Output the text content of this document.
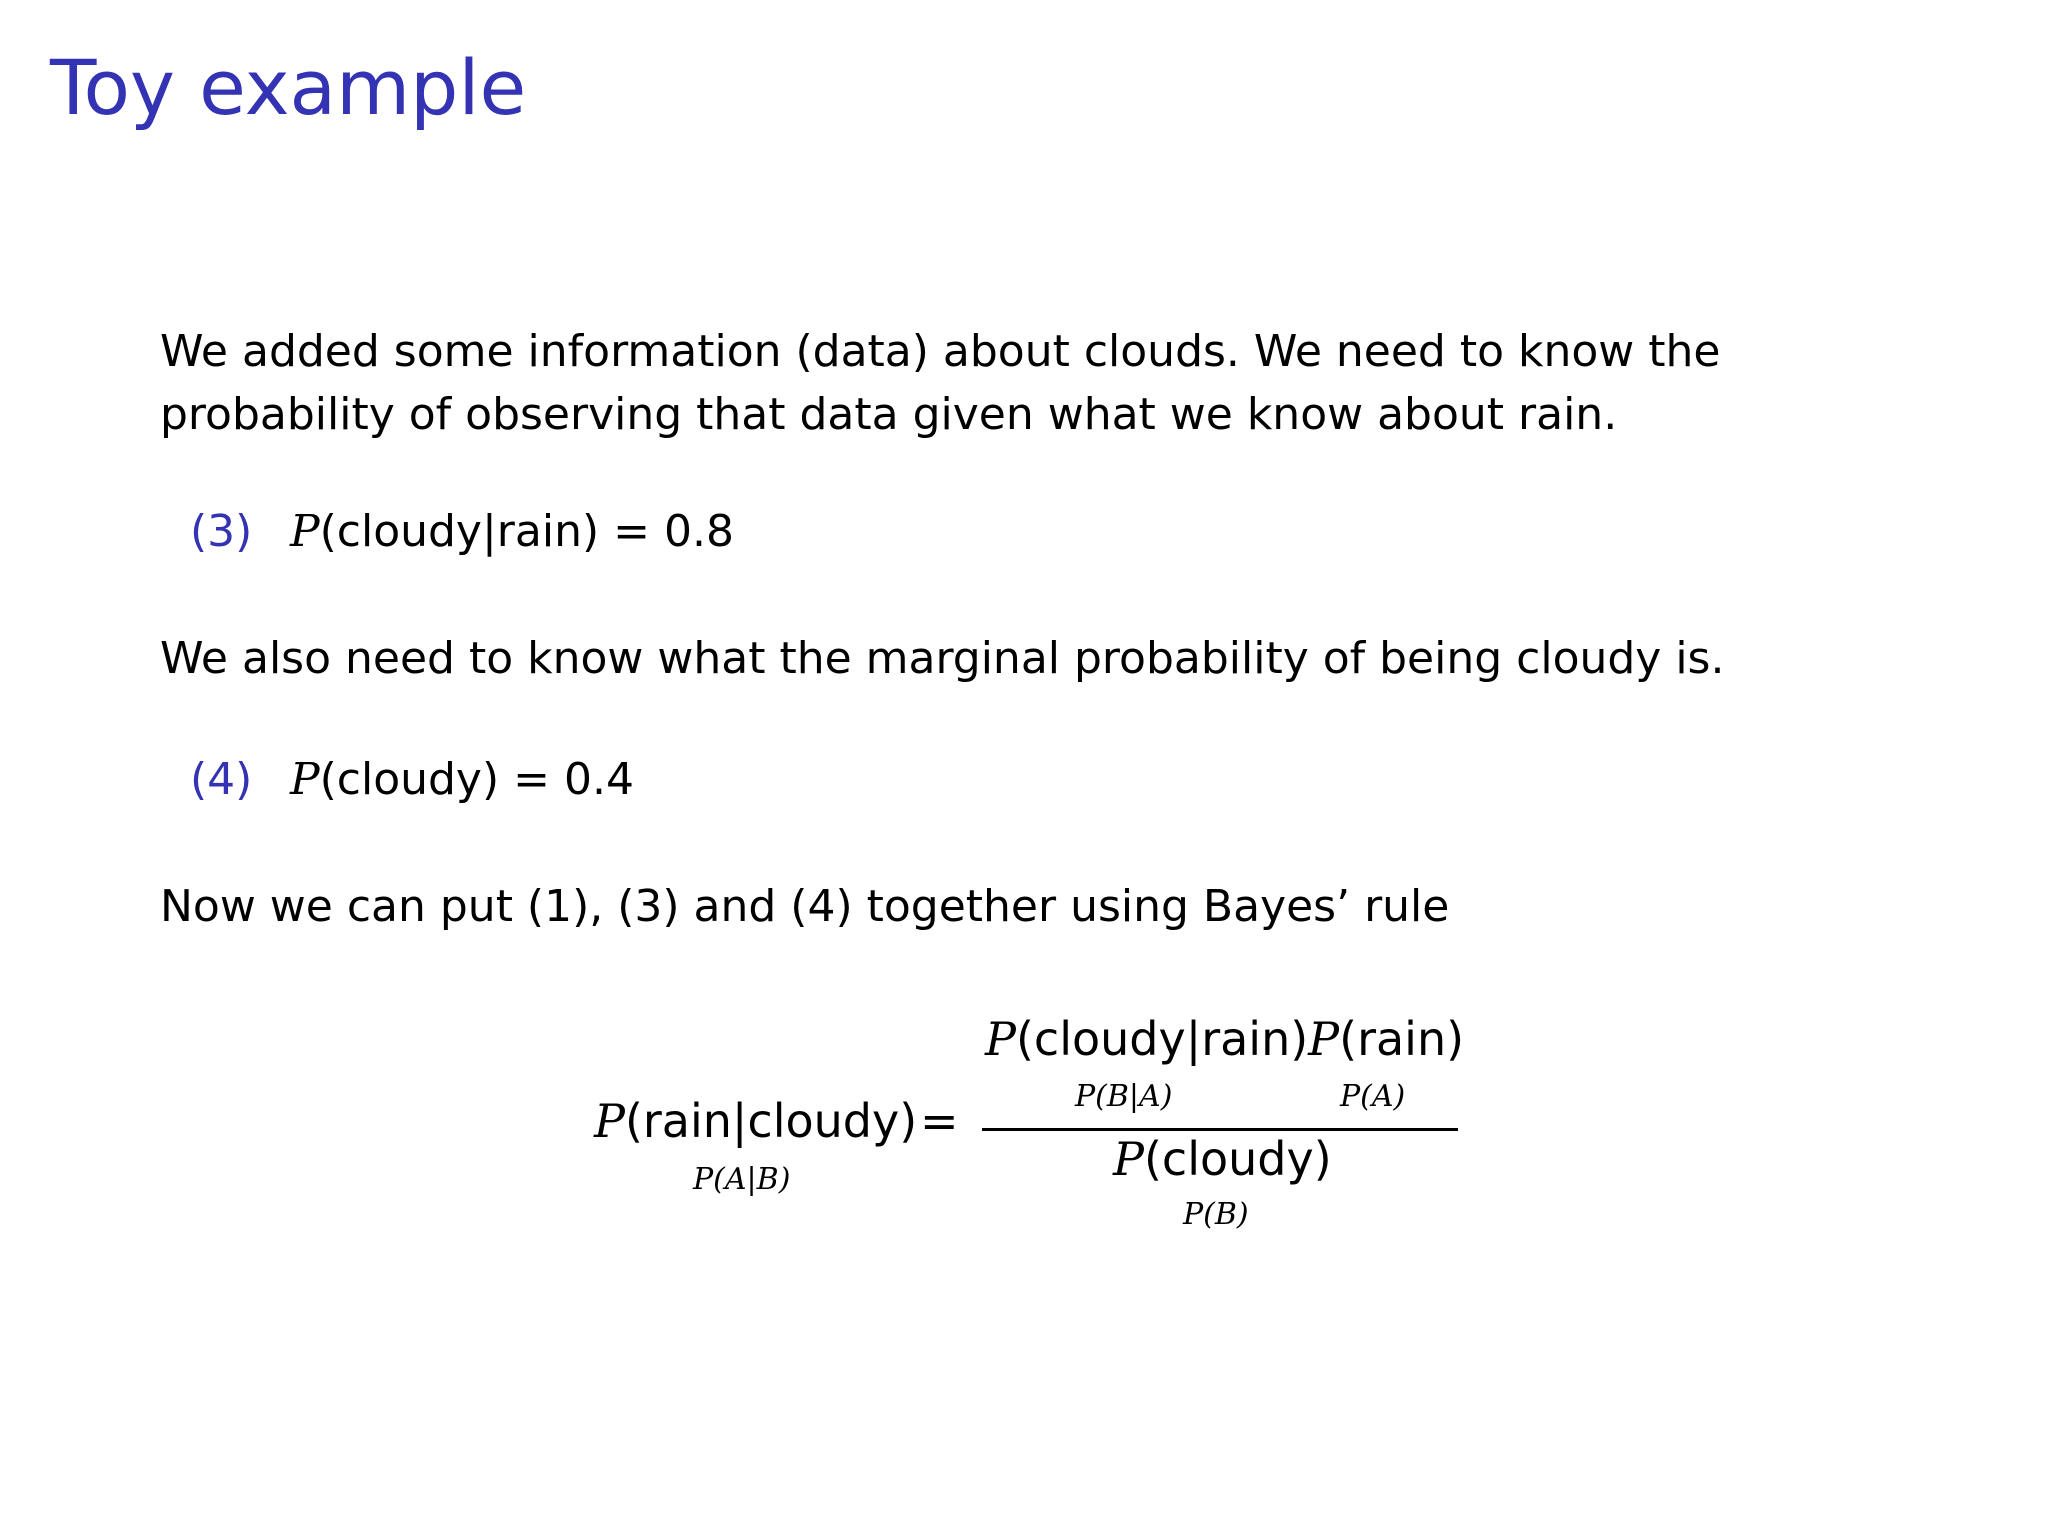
Toy example
We added some information (data) about clouds. We need to know the
probability of observing that data given what we know about rain.
(3) P(cloudy|rain) = 0.8
We also need to know what the marginal probability of being cloudy is.
(4) P(cloudy) = 0.4
Now we can put (1), (3) and (4) together using Bayes’ rule
P(rain|cloudy)
P(A|B)
=
P(cloudy|rain)P(rain)
P(B|A)	P(A)
P(cloudy)
P(B)
